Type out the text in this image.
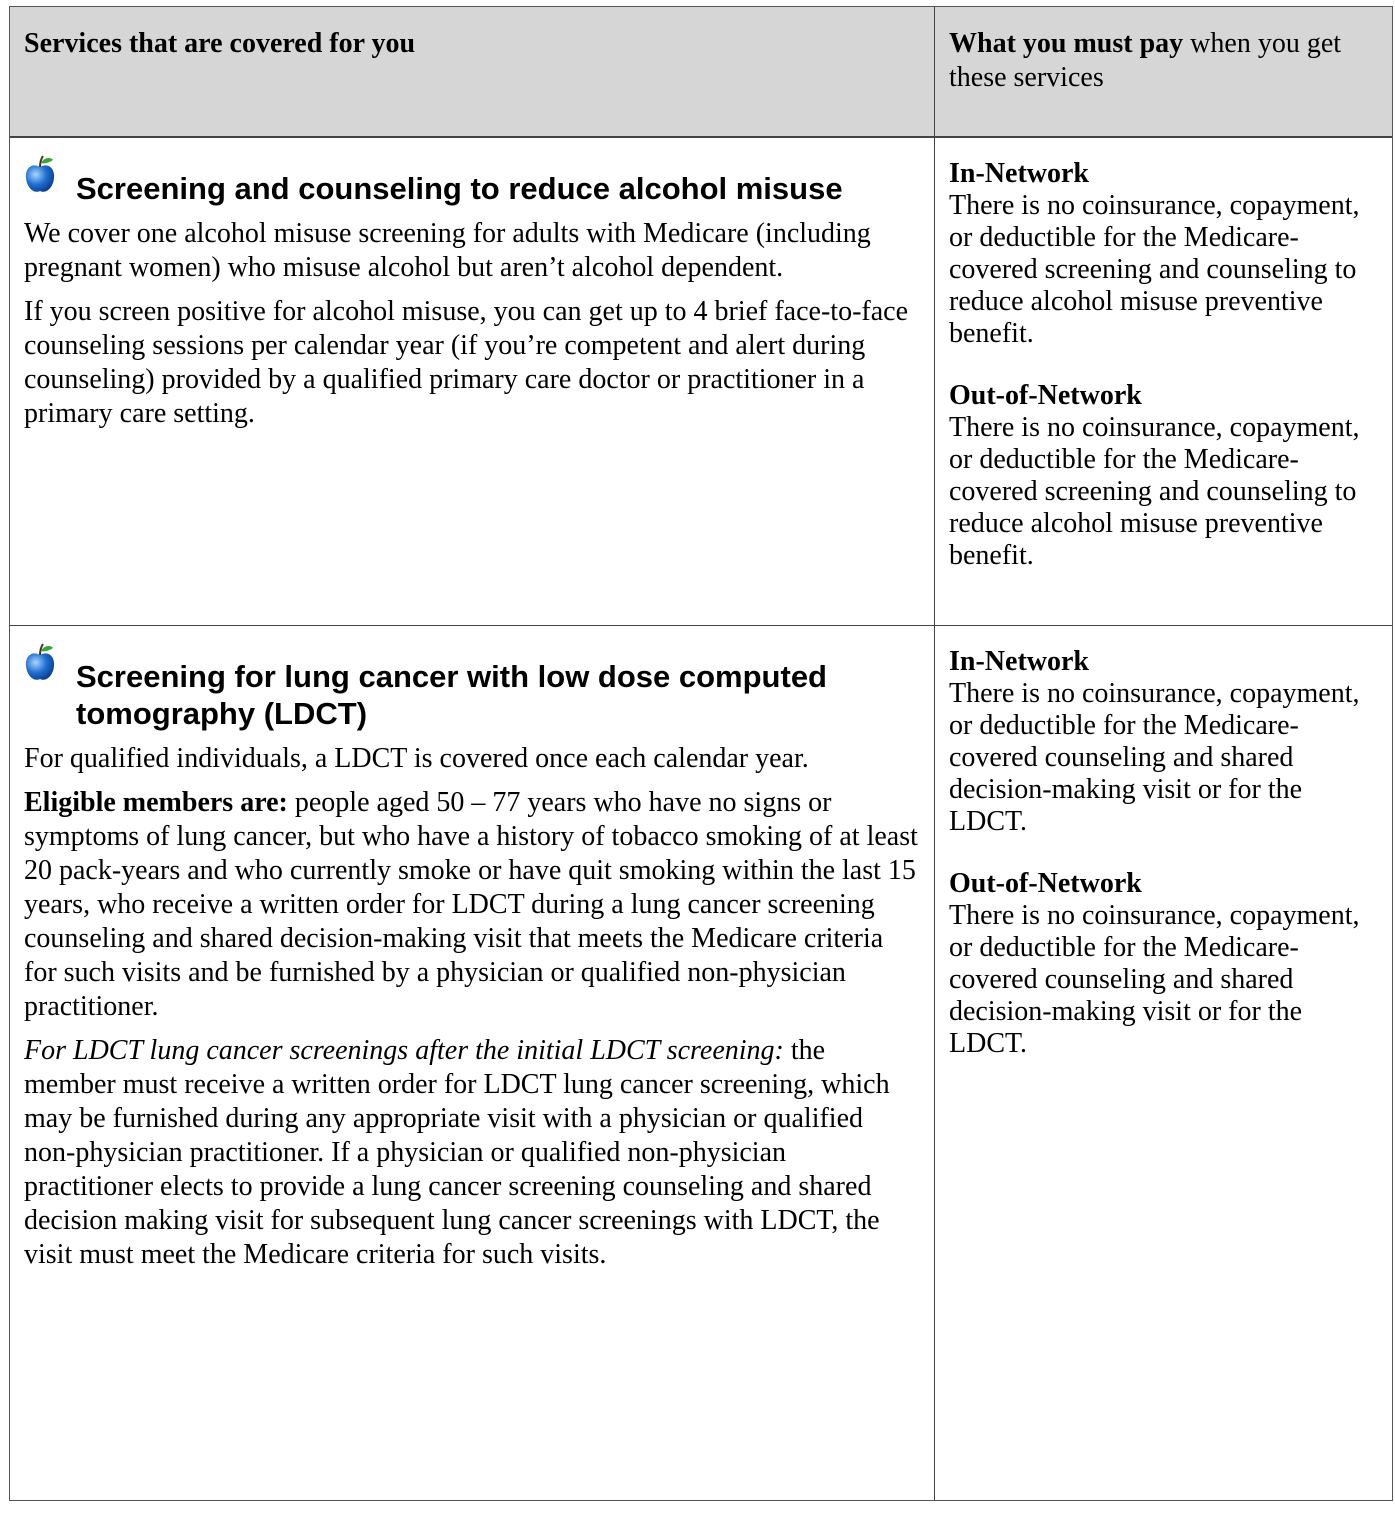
Services that are covered for you	What you must pay when you get these services
Screening and counseling to reduce alcohol misuse

We cover one alcohol misuse screening for adults with Medicare (including pregnant women) who misuse alcohol but aren’t alcohol dependent.

If you screen positive for alcohol misuse, you can get up to 4 brief face-to-face counseling sessions per calendar year (if you’re competent and alert during counseling) provided by a qualified primary care doctor or practitioner in a primary care setting.

In-Network
There is no coinsurance, copayment, or deductible for the Medicare-covered screening and counseling to reduce alcohol misuse preventive benefit.
Out-of-Network
There is no coinsurance, copayment, or deductible for the Medicare-covered screening and counseling to reduce alcohol misuse preventive benefit.
Screening for lung cancer with low dose computed tomography (LDCT)

For qualified individuals, a LDCT is covered once each calendar year.

Eligible members are: people aged 50 – 77 years who have no signs or symptoms of lung cancer, but who have a history of tobacco smoking of at least 20 pack-years and who currently smoke or have quit smoking within the last 15 years, who receive a written order for LDCT during a lung cancer screening counseling and shared decision-making visit that meets the Medicare criteria for such visits and be furnished by a physician or qualified non-physician practitioner.

For LDCT lung cancer screenings after the initial LDCT screening: the member must receive a written order for LDCT lung cancer screening, which may be furnished during any appropriate visit with a physician or qualified non-physician practitioner. If a physician or qualified non-physician practitioner elects to provide a lung cancer screening counseling and shared decision making visit for subsequent lung cancer screenings with LDCT, the visit must meet the Medicare criteria for such visits.

In-Network
There is no coinsurance, copayment, or deductible for the Medicare-covered counseling and shared decision-making visit or for the LDCT.
Out-of-Network
There is no coinsurance, copayment, or deductible for the Medicare-covered counseling and shared decision-making visit or for the LDCT.
